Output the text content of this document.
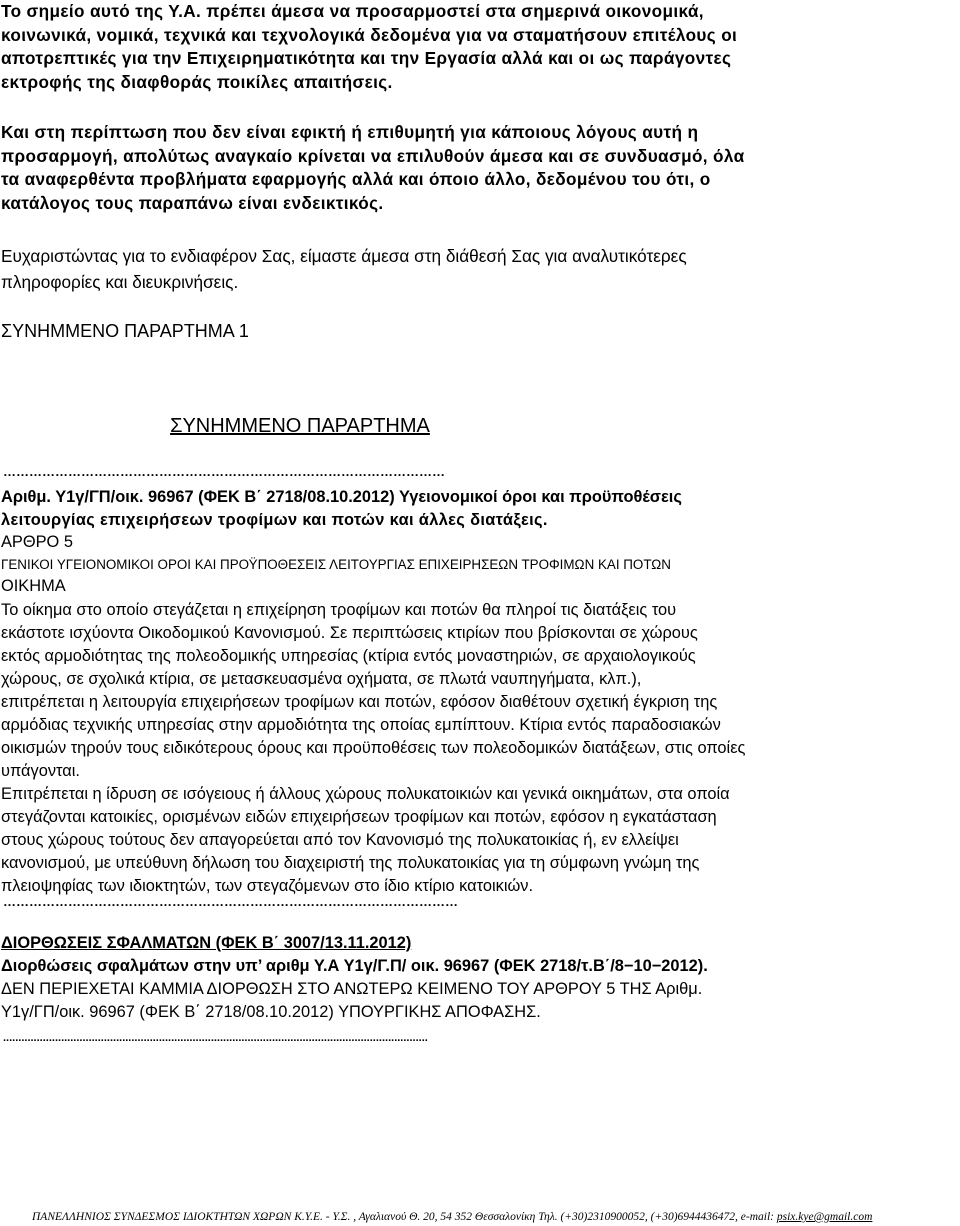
Το σημείο αυτό της Υ.Α. πρέπει άμεσα να προσαρμοστεί στα σημερινά οικονομικά,

κοινωνικά, νομικά, τεχνικά και τεχνολογικά δεδομένα για να σταματήσουν επιτέλους οι

αποτρεπτικές για την Επιχειρηματικότητα και την Εργασία αλλά και οι ως παράγοντες

εκτροφής της διαφθοράς ποικίλες απαιτήσεις.

Και στη περίπτωση που δεν είναι εφικτή ή επιθυμητή για κάποιους λόγους αυτή η

προσαρμογή, απολύτως αναγκαίο κρίνεται να επιλυθούν άμεσα και σε συνδυασμό, όλα

τα αναφερθέντα προβλήματα εφαρμογής αλλά και όποιο άλλο, δεδομένου του ότι, ο

κατάλογος τους παραπάνω είναι ενδεικτικός.

Ευχαριστώντας για το ενδιαφέρον Σας, είμαστε άμεσα στη διάθεσή Σας για αναλυτικότερες

πληροφορίες και διευκρινήσεις.

ΣΥΝΗΜΜΕΝΟ ΠΑΡΑΡΤΗΜΑ 1
ΣΥΝΗΜΜΕΝΟ ΠΑΡΑΡΤΗΜΑ
…………………………………………………………………………………………

Αριθμ. Υ1γ/ΓΠ/οικ. 96967 (ΦΕΚ Β΄ 2718/08.10.2012) Υγειονομικοί όροι και προϋποθέσεις

λειτουργίας επιχειρήσεων τροφίμων και ποτών και άλλες διατάξεις.

ΑΡΘΡΟ 5

ΓΕΝΙΚΟΙ ΥΓΕΙΟΝΟΜΙΚΟΙ ΟΡΟΙ ΚΑΙ ΠΡΟΫΠΟΘΕΣΕΙΣ ΛΕΙΤΟΥΡΓΙΑΣ ΕΠΙΧΕΙΡΗΣΕΩΝ ΤΡΟΦΙΜΩΝ ΚΑΙ ΠΟΤΩΝ

ΟΙΚΗΜΑ

Το οίκημα στο οποίο στεγάζεται η επιχείρηση τροφίμων και ποτών θα πληροί τις διατάξεις του

εκάστοτε ισχύοντα Οικοδομικού Κανονισμού. Σε περιπτώσεις κτιρίων που βρίσκονται σε χώρους

εκτός αρμοδιότητας της πολεοδομικής υπηρεσίας (κτίρια εντός μοναστηριών, σε αρχαιολογικούς

χώρους, σε σχολικά κτίρια, σε μετασκευασμένα οχήματα, σε πλωτά ναυπηγήματα, κλπ.),

επιτρέπεται η λειτουργία επιχειρήσεων τροφίμων και ποτών, εφόσον διαθέτουν σχετική έγκριση της

αρμόδιας τεχνικής υπηρεσίας στην αρμοδιότητα της οποίας εμπίπτουν. Κτίρια εντός παραδοσιακών

οικισμών τηρούν τους ειδικότερους όρους και προϋποθέσεις των πολεοδομικών διατάξεων, στις οποίες

υπάγονται.

Επιτρέπεται η ίδρυση σε ισόγειους ή άλλους χώρους πολυκατοικιών και γενικά οικημάτων, στα οποία

στεγάζονται κατοικίες, ορισμένων ειδών επιχειρήσεων τροφίμων και ποτών, εφόσον η εγκατάσταση

στους χώρους τούτους δεν απαγορεύεται από τον Κανονισμό της πολυκατοικίας ή, εν ελλείψει

κανονισμού, με υπεύθυνη δήλωση του διαχειριστή της πολυκατοικίας για τη σύμφωνη γνώμη της

πλειοψηφίας των ιδιοκτητών, των στεγαζόμενων στο ίδιο κτίριο κατοικιών.

……………………………………………………………………………………………

ΔΙΟΡΘΩΣΕΙΣ ΣΦΑΛΜΑΤΩΝ (ΦΕΚ Β΄ 3007/13.11.2012)

Διορθώσεις σφαλμάτων στην υπ’ αριθμ Υ.Α Υ1γ/Γ.Π/ οικ. 96967 (ΦΕΚ 2718/τ.Β΄/8−10−2012).

ΔΕΝ ΠΕΡΙΕΧΕΤΑΙ ΚΑΜΜΙΑ ΔΙΟΡΘΩΣΗ ΣΤΟ ΑΝΩΤΕΡΩ ΚΕΙΜΕΝΟ ΤΟΥ ΑΡΘΡΟΥ 5 ΤΗΣ Αριθμ.

Υ1γ/ΓΠ/οικ. 96967 (ΦΕΚ Β΄ 2718/08.10.2012) ΥΠΟΥΡΓΙΚΗΣ ΑΠΟΦΑΣΗΣ.

...........................................................................................................................................
ΠΑΝΕΛΛΗΝΙΟΣ ΣΥΝΔΕΣΜΟΣ ΙΔΙΟΚΤΗΤΩΝ ΧΩΡΩΝ Κ.Υ.Ε. - Υ.Σ. , Αγαλιανού Θ. 20, 54 352 Θεσσαλονίκη Τηλ. (+30)2310900052, (+30)6944436472, e-mail: psix.kye@gmail.com
